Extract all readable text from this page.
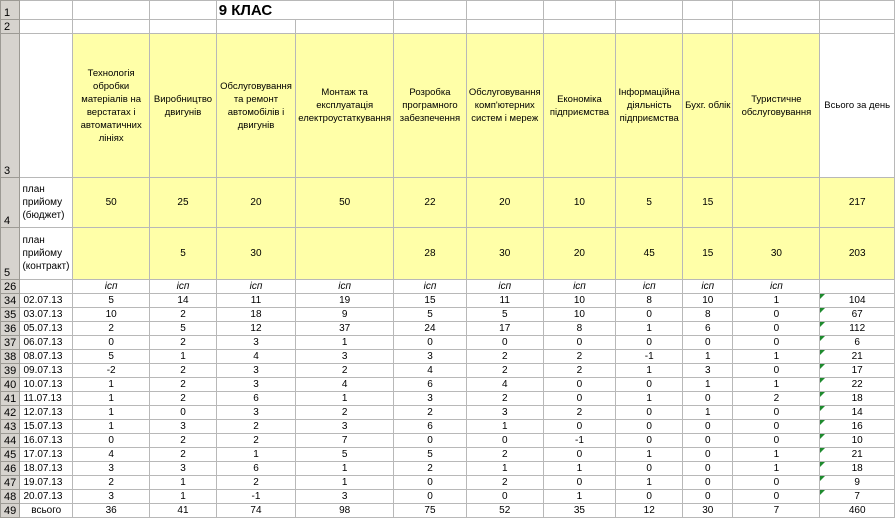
1				9 КЛАС								
2												
3		Технологія обробки матеріалів на верстатах і автоматичних лініях	Виробництво двигунів	Обслуговування та ремонт автомобілів і двигунів	Монтаж та експлуатація електроустаткування	Розробка програмного забезпечення	Обслуговування комп'ютерних систем і мереж	Економіка підприємства	Інформаційна діяльність підприємства	Бухг. облік	Туристичне обслуговування	Всього за день
4	план прийому (бюджет)	50	25	20	50	22	20	10	5	15		217
5	план прийому (контракт)		5	30		28	30	20	45	15	30	203
26		ісп	ісп	ісп	ісп	ісп	ісп	ісп	ісп	ісп	ісп	
34	02.07.13	5	14	11	19	15	11	10	8	10	1	104
35	03.07.13	10	2	18	9	5	5	10	0	8	0	67
36	05.07.13	2	5	12	37	24	17	8	1	6	0	112
37	06.07.13	0	2	3	1	0	0	0	0	0	0	6
38	08.07.13	5	1	4	3	3	2	2	-1	1	1	21
39	09.07.13	-2	2	3	2	4	2	2	1	3	0	17
40	10.07.13	1	2	3	4	6	4	0	0	1	1	22
41	11.07.13	1	2	6	1	3	2	0	1	0	2	18
42	12.07.13	1	0	3	2	2	3	2	0	1	0	14
43	15.07.13	1	3	2	3	6	1	0	0	0	0	16
44	16.07.13	0	2	2	7	0	0	-1	0	0	0	10
45	17.07.13	4	2	1	5	5	2	0	1	0	1	21
46	18.07.13	3	3	6	1	2	1	1	0	0	1	18
47	19.07.13	2	1	2	1	0	2	0	1	0	0	9
48	20.07.13	3	1	-1	3	0	0	1	0	0	0	7
49	всього	36	41	74	98	75	52	35	12	30	7	460
